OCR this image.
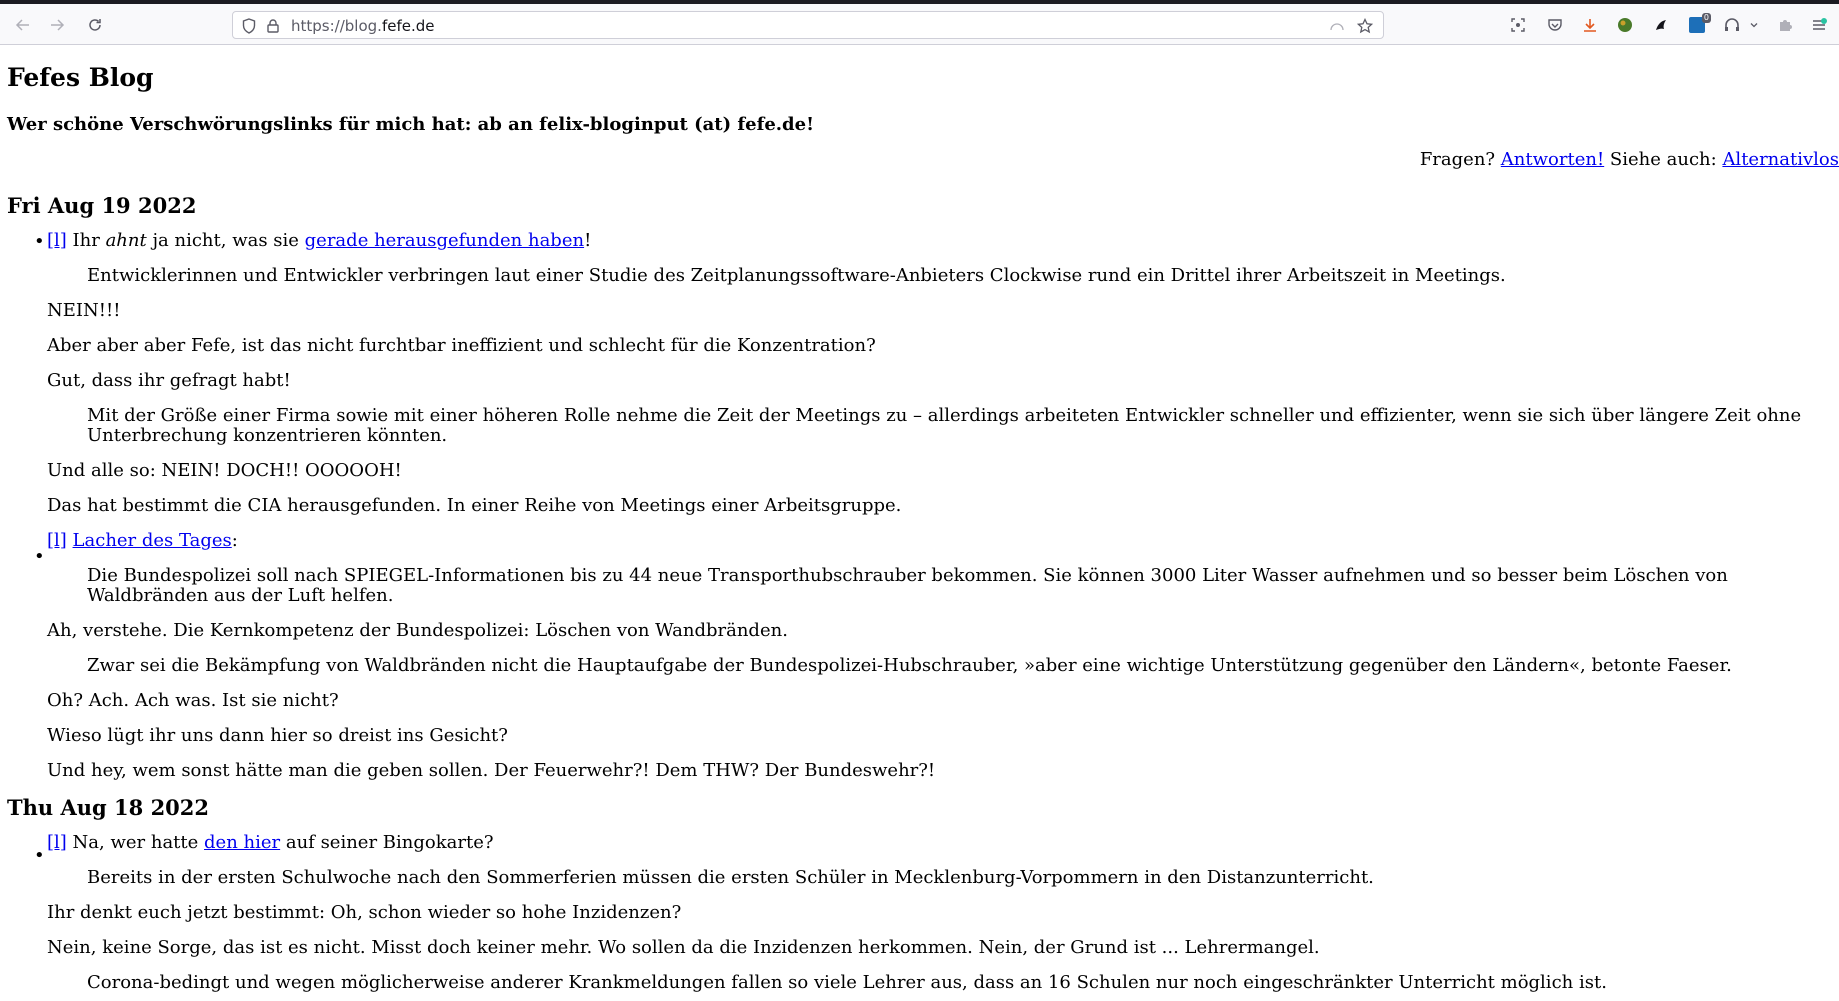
https://blog.fefe.de	0
Fefes Blog
Wer schöne Verschwörungslinks für mich hat: ab an felix-bloginput (at) fefe.de!
Fragen? Antworten! Siehe auch: Alternativlos
Fri Aug 19 2022
• [l] Ihr ahnt ja nicht, was sie gerade herausgefunden haben!

Entwicklerinnen und Entwickler verbringen laut einer Studie des Zeitplanungssoftware-Anbieters Clockwise rund ein Drittel ihrer Arbeitszeit in Meetings.

NEIN!!!

Aber aber aber Fefe, ist das nicht furchtbar ineffizient und schlecht für die Konzentration?

Gut, dass ihr gefragt habt!

Mit der Größe einer Firma sowie mit einer höheren Rolle nehme die Zeit der Meetings zu – allerdings arbeiteten Entwickler schneller und effizienter, wenn sie sich über längere Zeit ohne Unterbrechung konzentrieren könnten.

Und alle so: NEIN! DOCH!! OOOOOH!

Das hat bestimmt die CIA herausgefunden. In einer Reihe von Meetings einer Arbeitsgruppe.

•

[l] Lacher des Tages:

Die Bundespolizei soll nach SPIEGEL-Informationen bis zu 44 neue Transporthubschrauber bekommen. Sie können 3000 Liter Wasser aufnehmen und so besser beim Löschen von Waldbränden aus der Luft helfen.

Ah, verstehe. Die Kernkompetenz der Bundespolizei: Löschen von Wandbränden.

Zwar sei die Bekämpfung von Waldbränden nicht die Hauptaufgabe der Bundespolizei-Hubschrauber, »aber eine wichtige Unterstützung gegenüber den Ländern«, betonte Faeser.

Oh? Ach. Ach was. Ist sie nicht?

Wieso lügt ihr uns dann hier so dreist ins Gesicht?

Und hey, wem sonst hätte man die geben sollen. Der Feuerwehr?! Dem THW? Der Bundeswehr?!

Thu Aug 18 2022
•

[l] Na, wer hatte den hier auf seiner Bingokarte?

Bereits in der ersten Schulwoche nach den Sommerferien müssen die ersten Schüler in Mecklenburg-Vorpommern in den Distanzunterricht.

Ihr denkt euch jetzt bestimmt: Oh, schon wieder so hohe Inzidenzen?

Nein, keine Sorge, das ist es nicht. Misst doch keiner mehr. Wo sollen da die Inzidenzen herkommen. Nein, der Grund ist ... Lehrermangel.

Corona-bedingt und wegen möglicherweise anderer Krankmeldungen fallen so viele Lehrer aus, dass an 16 Schulen nur noch eingeschränkter Unterricht möglich ist.
